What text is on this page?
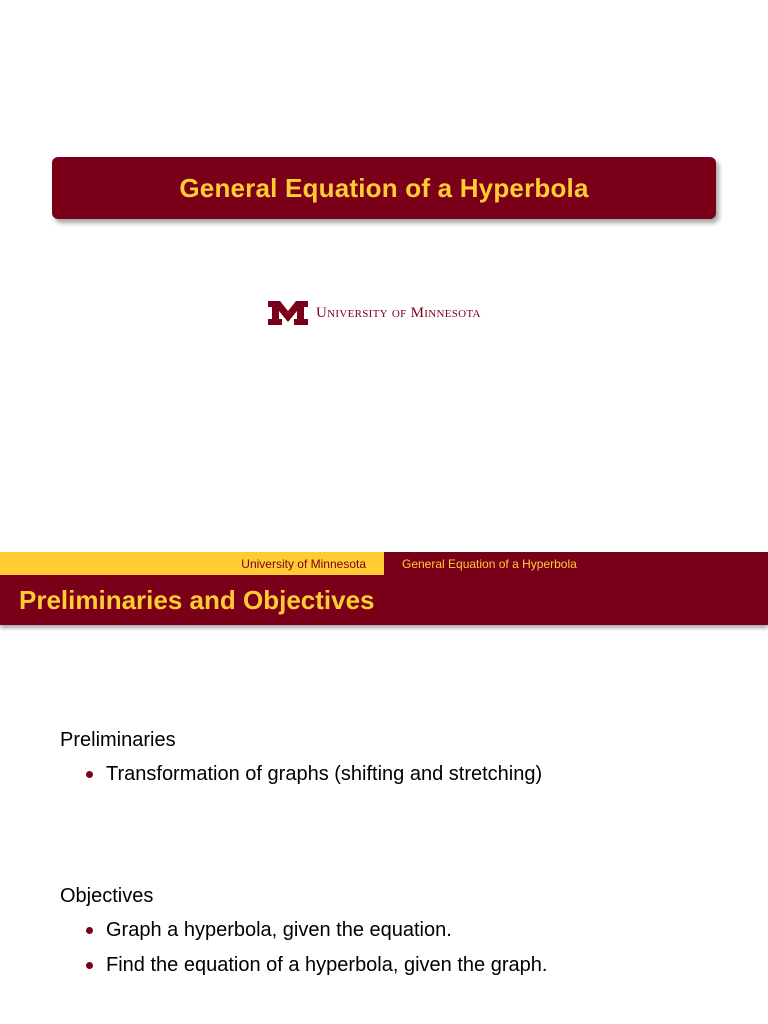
General Equation of a Hyperbola
University of Minnesota
University of Minnesota	General Equation of a Hyperbola
Preliminaries and Objectives
Preliminaries
Transformation of graphs (shifting and stretching)
Objectives
Graph a hyperbola, given the equation.
Find the equation of a hyperbola, given the graph.
